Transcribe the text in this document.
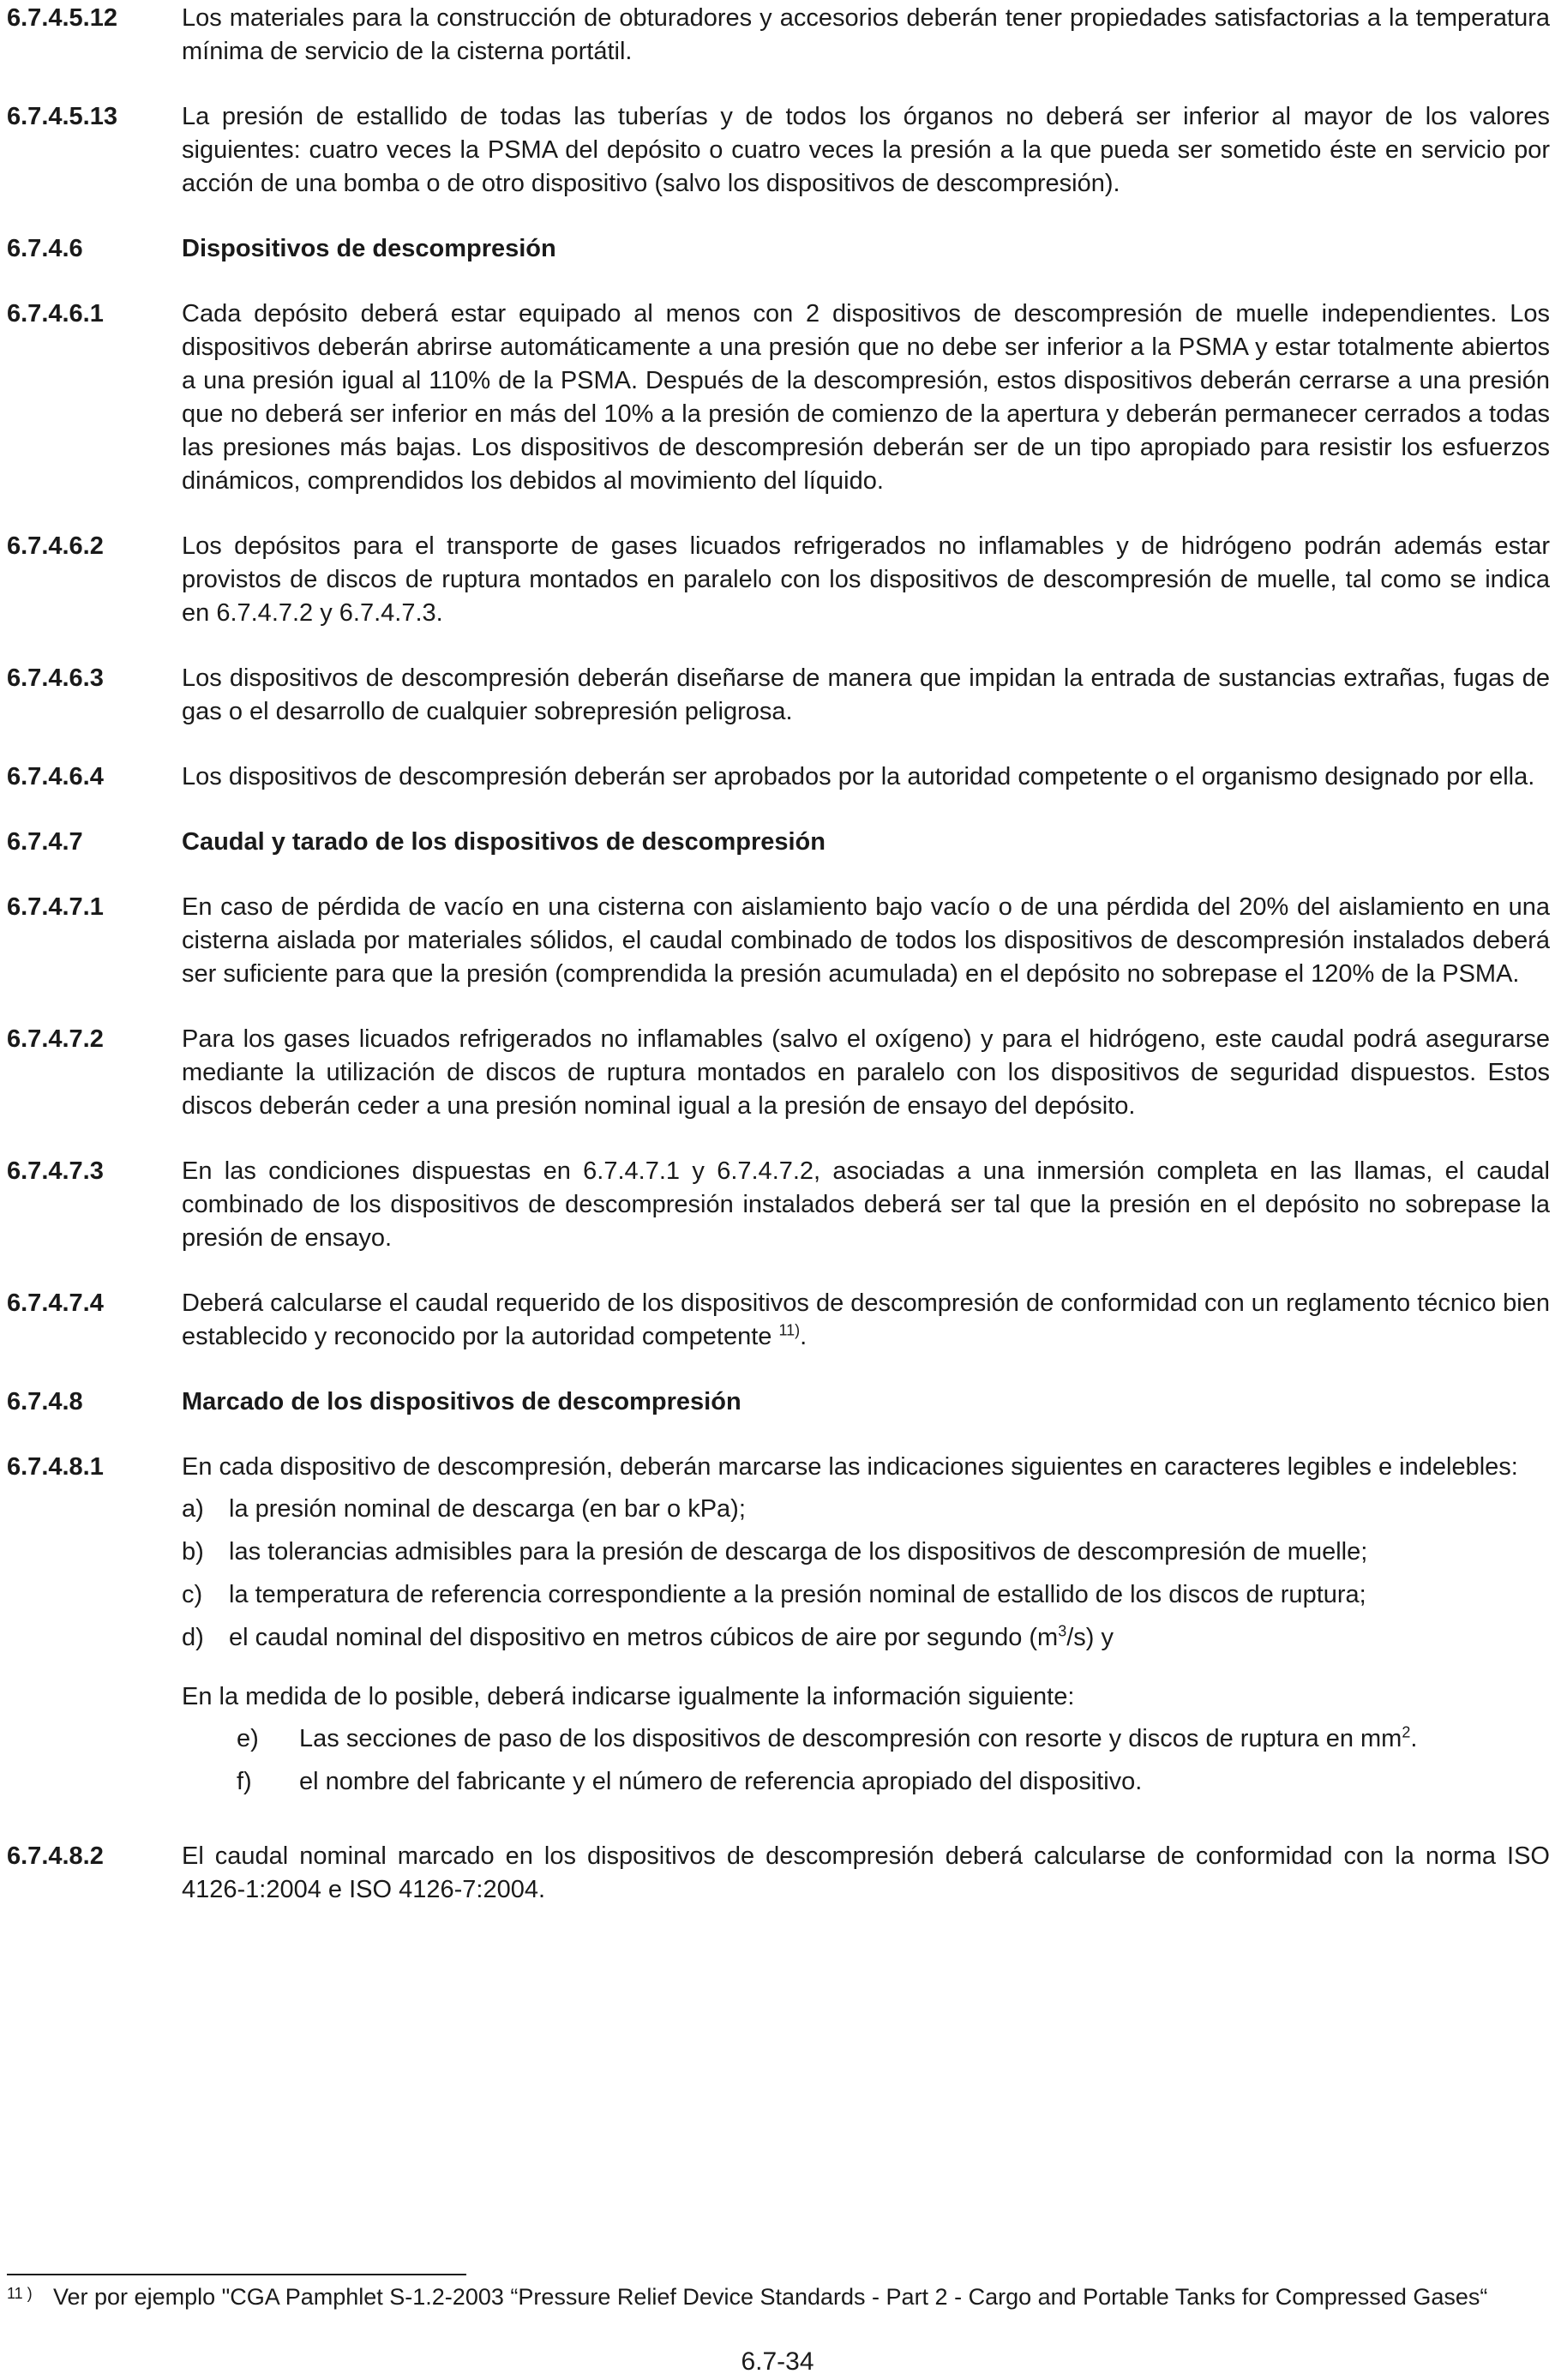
6.7.4.5.12	Los materiales para la construcción de obturadores y accesorios deberán tener propiedades satisfactorias a la temperatura mínima de servicio de la cisterna portátil.
6.7.4.5.13	La presión de estallido de todas las tuberías y de todos los órganos no deberá ser inferior al mayor de los valores siguientes: cuatro veces la PSMA del depósito o cuatro veces la presión a la que pueda ser sometido éste en servicio por acción de una bomba o de otro dispositivo (salvo los dispositivos de descompresión).
6.7.4.6	Dispositivos de descompresión
6.7.4.6.1	Cada depósito deberá estar equipado al menos con 2 dispositivos de descompresión de muelle independientes. Los dispositivos deberán abrirse automáticamente a una presión que no debe ser inferior a la PSMA y estar totalmente abiertos a una presión igual al 110% de la PSMA. Después de la descompresión, estos dispositivos deberán cerrarse a una presión que no deberá ser inferior en más del 10% a la presión de comienzo de la apertura y deberán permanecer cerrados a todas las presiones más bajas. Los dispositivos de descompresión deberán ser de un tipo apropiado para resistir los esfuerzos dinámicos, comprendidos los debidos al movimiento del líquido.
6.7.4.6.2	Los depósitos para el transporte de gases licuados refrigerados no inflamables y de hidrógeno podrán además estar provistos de discos de ruptura montados en paralelo con los dispositivos de descompresión de muelle, tal como se indica en 6.7.4.7.2 y 6.7.4.7.3.
6.7.4.6.3	Los dispositivos de descompresión deberán diseñarse de manera que impidan la entrada de sustancias extrañas, fugas de gas o el desarrollo de cualquier sobrepresión peligrosa.
6.7.4.6.4	Los dispositivos de descompresión deberán ser aprobados por la autoridad competente o el organismo designado por ella.
6.7.4.7	Caudal y tarado de los dispositivos de descompresión
6.7.4.7.1	En caso de pérdida de vacío en una cisterna con aislamiento bajo vacío o de una pérdida del 20% del aislamiento en una cisterna aislada por materiales sólidos, el caudal combinado de todos los dispositivos de descompresión instalados deberá ser suficiente para que la presión (comprendida la presión acumulada) en el depósito no sobrepase el 120% de la PSMA.
6.7.4.7.2	Para los gases licuados refrigerados no inflamables (salvo el oxígeno) y para el hidrógeno, este caudal podrá asegurarse mediante la utilización de discos de ruptura montados en paralelo con los dispositivos de seguridad dispuestos. Estos discos deberán ceder a una presión nominal igual a la presión de ensayo del depósito.
6.7.4.7.3	En las condiciones dispuestas en 6.7.4.7.1 y 6.7.4.7.2, asociadas a una inmersión completa en las llamas, el caudal combinado de los dispositivos de descompresión instalados deberá ser tal que la presión en el depósito no sobrepase la presión de ensayo.
6.7.4.7.4	Deberá calcularse el caudal requerido de los dispositivos de descompresión de conformidad con un reglamento técnico bien establecido y reconocido por la autoridad competente $^{11)}$.
6.7.4.8	Marcado de los dispositivos de descompresión
6.7.4.8.1	En cada dispositivo de descompresión, deberán marcarse las indicaciones siguientes en caracteres legibles e indelebles:
a)	la presión nominal de descarga (en bar o kPa);
b)	las tolerancias admisibles para la presión de descarga de los dispositivos de descompresión de muelle;
c)	la temperatura de referencia correspondiente a la presión nominal de estallido de los discos de ruptura;
d)	el caudal nominal del dispositivo en metros cúbicos de aire por segundo $(m^3/s)$ y
En la medida de lo posible, deberá indicarse igualmente la información siguiente:
e)	Las secciones de paso de los dispositivos de descompresión con resorte y discos de ruptura en $mm^2$.
f)	el nombre del fabricante y el número de referencia apropiado del dispositivo.
6.7.4.8.2	El caudal nominal marcado en los dispositivos de descompresión deberá calcularse de conformidad con la norma ISO 4126-1:2004 e ISO 4126-7:2004.
11 ) Ver por ejemplo "CGA Pamphlet S-1.2-2003 “Pressure Relief Device Standards - Part 2 - Cargo and Portable Tanks for Compressed Gases“
6.7-34
